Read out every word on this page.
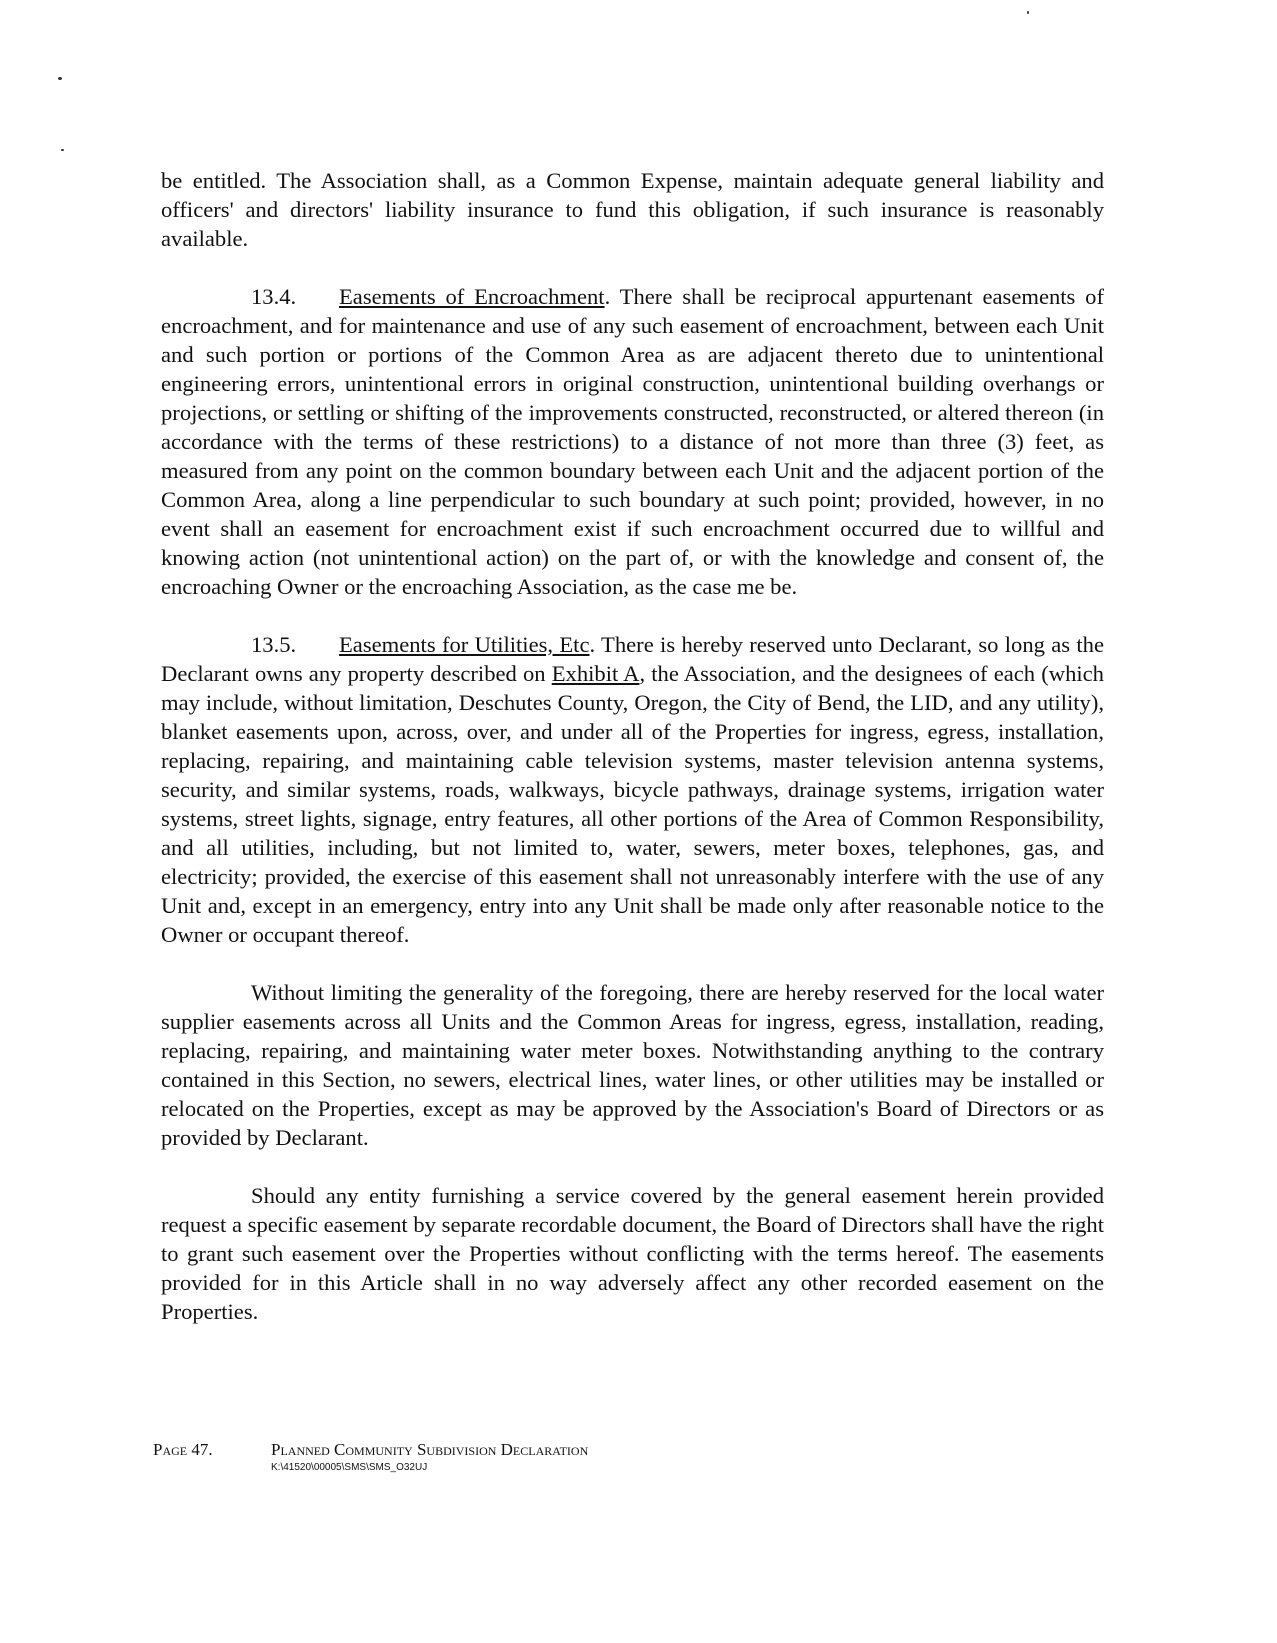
be entitled. The Association shall, as a Common Expense, maintain adequate general liability and officers' and directors' liability insurance to fund this obligation, if such insurance is reasonably available.

13.4. Easements of Encroachment. There shall be reciprocal appurtenant easements of encroachment, and for maintenance and use of any such easement of encroachment, between each Unit and such portion or portions of the Common Area as are adjacent thereto due to unintentional engineering errors, unintentional errors in original construction, unintentional building overhangs or projections, or settling or shifting of the improvements constructed, reconstructed, or altered thereon (in accordance with the terms of these restrictions) to a distance of not more than three (3) feet, as measured from any point on the common boundary between each Unit and the adjacent portion of the Common Area, along a line perpendicular to such boundary at such point; provided, however, in no event shall an easement for encroachment exist if such encroachment occurred due to willful and knowing action (not unintentional action) on the part of, or with the knowledge and consent of, the encroaching Owner or the encroaching Association, as the case me be.

13.5. Easements for Utilities, Etc. There is hereby reserved unto Declarant, so long as the Declarant owns any property described on Exhibit A, the Association, and the designees of each (which may include, without limitation, Deschutes County, Oregon, the City of Bend, the LID, and any utility), blanket easements upon, across, over, and under all of the Properties for ingress, egress, installation, replacing, repairing, and maintaining cable television systems, master television antenna systems, security, and similar systems, roads, walkways, bicycle pathways, drainage systems, irrigation water systems, street lights, signage, entry features, all other portions of the Area of Common Responsibility, and all utilities, including, but not limited to, water, sewers, meter boxes, telephones, gas, and electricity; provided, the exercise of this easement shall not unreasonably interfere with the use of any Unit and, except in an emergency, entry into any Unit shall be made only after reasonable notice to the Owner or occupant thereof.

Without limiting the generality of the foregoing, there are hereby reserved for the local water supplier easements across all Units and the Common Areas for ingress, egress, installation, reading, replacing, repairing, and maintaining water meter boxes. Notwithstanding anything to the contrary contained in this Section, no sewers, electrical lines, water lines, or other utilities may be installed or relocated on the Properties, except as may be approved by the Association's Board of Directors or as provided by Declarant.

Should any entity furnishing a service covered by the general easement herein provided request a specific easement by separate recordable document, the Board of Directors shall have the right to grant such easement over the Properties without conflicting with the terms hereof. The easements provided for in this Article shall in no way adversely affect any other recorded easement on the Properties.

Page 47.	Planned Community Subdivision Declaration
K:\41520\00005\SMS\SMS_O32UJ
